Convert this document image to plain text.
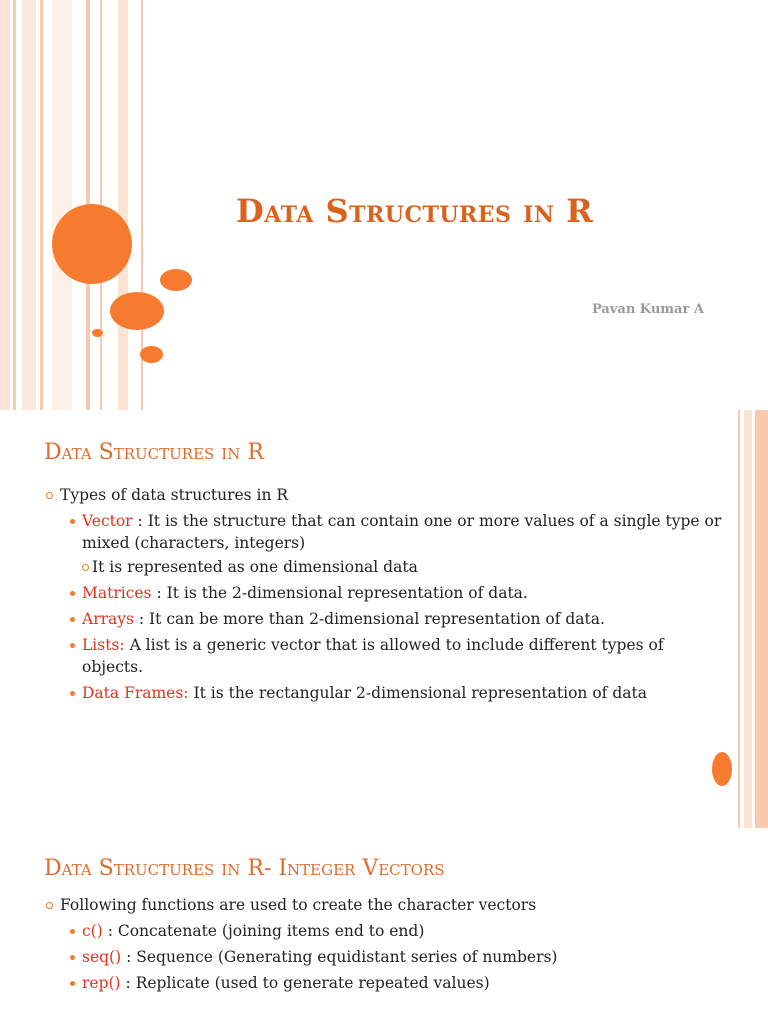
Data Structures in R
Pavan Kumar A
Data Structures in R
Types of data structures in R
Vector : It is the structure that can contain one or more values of a single type or mixed (characters, integers)
It is represented as one dimensional data
Matrices : It is the 2-dimensional representation of data.
Arrays : It can be more than 2-dimensional representation of data.
Lists: A list is a generic vector that is allowed to include different types of objects.
Data Frames: It is the rectangular 2-dimensional representation of data
Data Structures in R- Integer Vectors
Following functions are used to create the character vectors
c() : Concatenate (joining items end to end)
seq() : Sequence (Generating equidistant series of numbers)
rep() : Replicate (used to generate repeated values)
